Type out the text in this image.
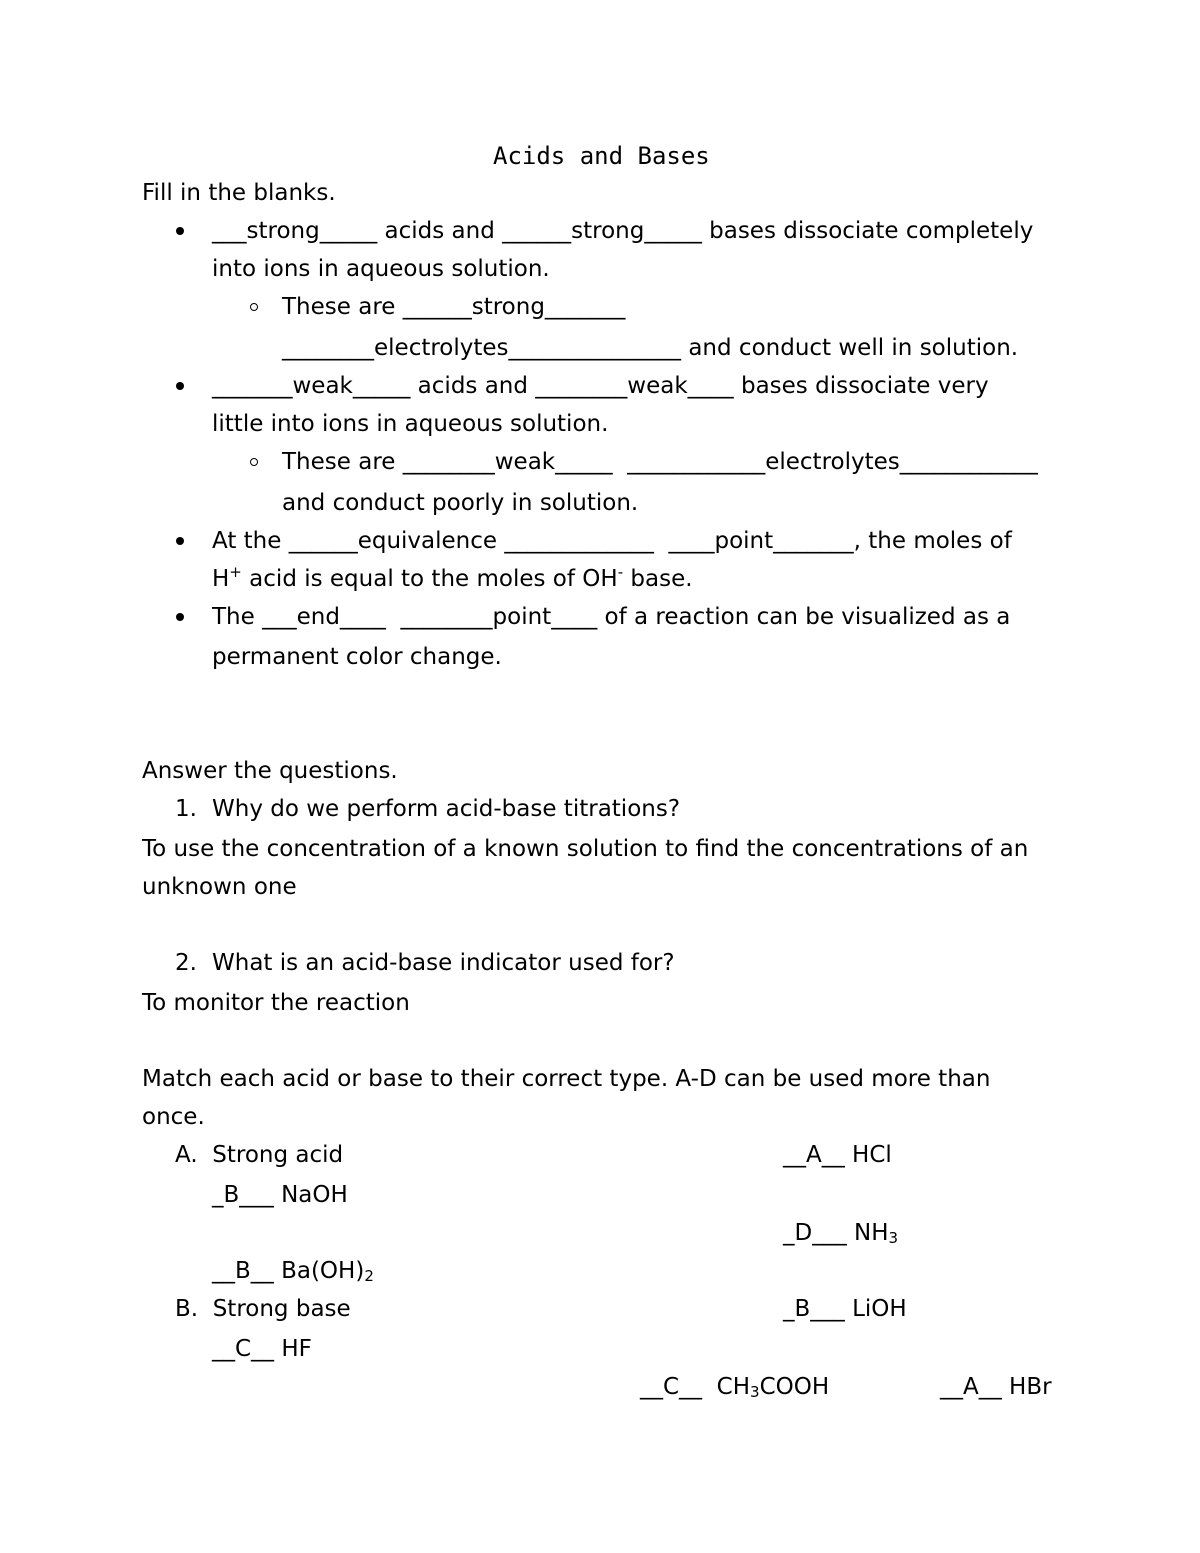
Acids and Bases
Fill in the blanks.
___strong_____ acids and ______strong_____ bases dissociate completely
into ions in aqueous solution.
These are ______strong_______
________electrolytes_______________ and conduct well in solution.
_______weak_____ acids and ________weak____ bases dissociate very
little into ions in aqueous solution.
These are ________weak_____  ____________electrolytes____________
and conduct poorly in solution.
At the ______equivalence _____________  ____point_______, the moles of
H+ acid is equal to the moles of OH- base.
The ___end____  ________point____ of a reaction can be visualized as a
permanent color change.
Answer the questions.
1. Why do we perform acid-base titrations?
To use the concentration of a known solution to find the concentrations of an
unknown one
2. What is an acid-base indicator used for?
To monitor the reaction
Match each acid or base to their correct type. A-D can be used more than
once.
A.  Strong acid	__A__ HCl
_B___ NaOH
_D___ $NH_3$
__B__ $Ba(OH)_2$
B.  Strong base	_B___ LiOH
__C__ HF
__C__  $CH_3COOH$	__A__ HBr
